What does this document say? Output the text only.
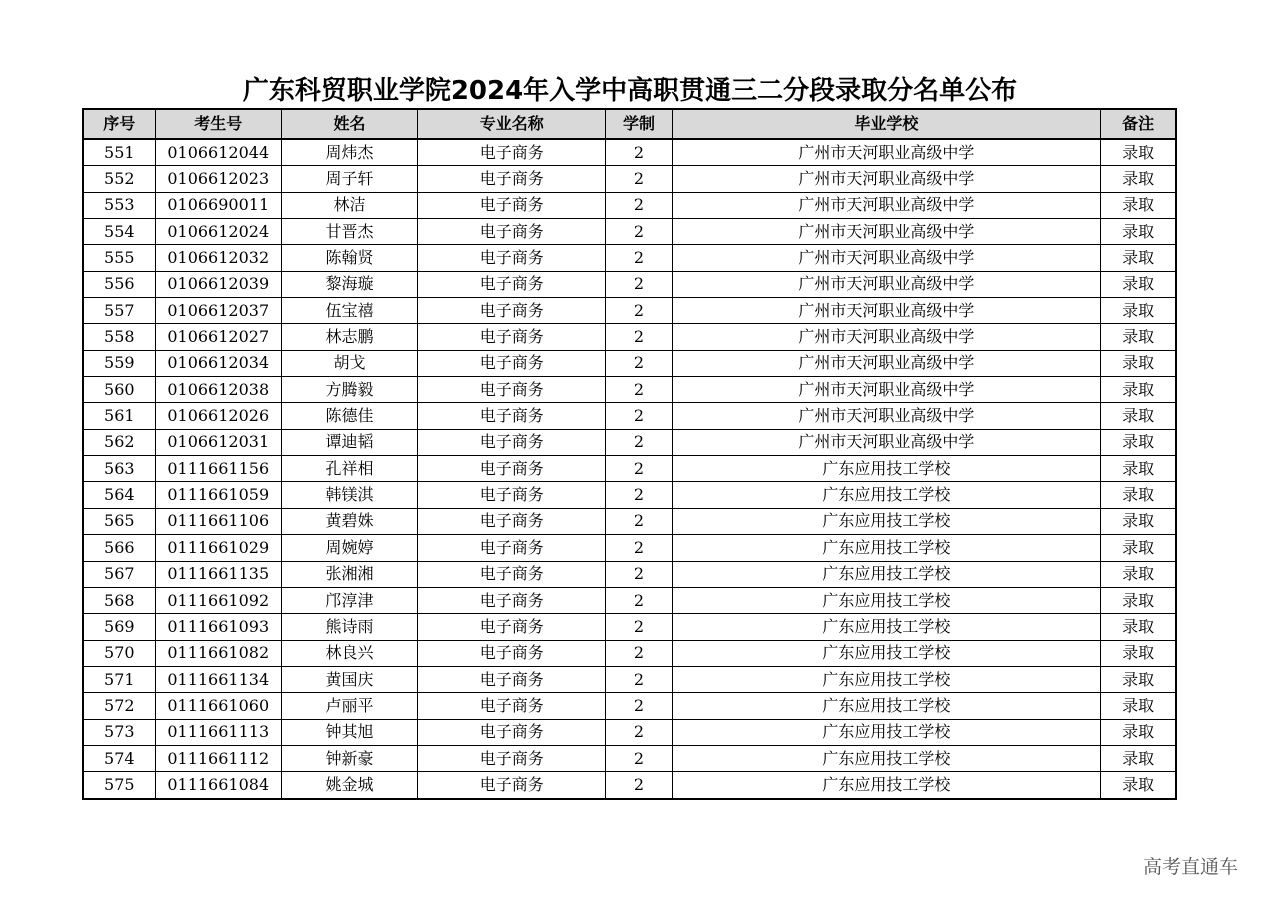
广东科贸职业学院2024年入学中高职贯通三二分段录取分名单公布
序号	考生号	姓名	专业名称	学制	毕业学校	备注
551	0106612044	周炜杰	电子商务	2	广州市天河职业高级中学	录取
552	0106612023	周子轩	电子商务	2	广州市天河职业高级中学	录取
553	0106690011	林洁	电子商务	2	广州市天河职业高级中学	录取
554	0106612024	甘晋杰	电子商务	2	广州市天河职业高级中学	录取
555	0106612032	陈翰贤	电子商务	2	广州市天河职业高级中学	录取
556	0106612039	黎海璇	电子商务	2	广州市天河职业高级中学	录取
557	0106612037	伍宝禧	电子商务	2	广州市天河职业高级中学	录取
558	0106612027	林志鹏	电子商务	2	广州市天河职业高级中学	录取
559	0106612034	胡戈	电子商务	2	广州市天河职业高级中学	录取
560	0106612038	方腾毅	电子商务	2	广州市天河职业高级中学	录取
561	0106612026	陈德佳	电子商务	2	广州市天河职业高级中学	录取
562	0106612031	谭迪韬	电子商务	2	广州市天河职业高级中学	录取
563	0111661156	孔祥相	电子商务	2	广东应用技工学校	录取
564	0111661059	韩镁淇	电子商务	2	广东应用技工学校	录取
565	0111661106	黄碧姝	电子商务	2	广东应用技工学校	录取
566	0111661029	周婉婷	电子商务	2	广东应用技工学校	录取
567	0111661135	张湘湘	电子商务	2	广东应用技工学校	录取
568	0111661092	邝淳津	电子商务	2	广东应用技工学校	录取
569	0111661093	熊诗雨	电子商务	2	广东应用技工学校	录取
570	0111661082	林良兴	电子商务	2	广东应用技工学校	录取
571	0111661134	黄国庆	电子商务	2	广东应用技工学校	录取
572	0111661060	卢丽平	电子商务	2	广东应用技工学校	录取
573	0111661113	钟其旭	电子商务	2	广东应用技工学校	录取
574	0111661112	钟新豪	电子商务	2	广东应用技工学校	录取
575	0111661084	姚金城	电子商务	2	广东应用技工学校	录取
高考直通车
